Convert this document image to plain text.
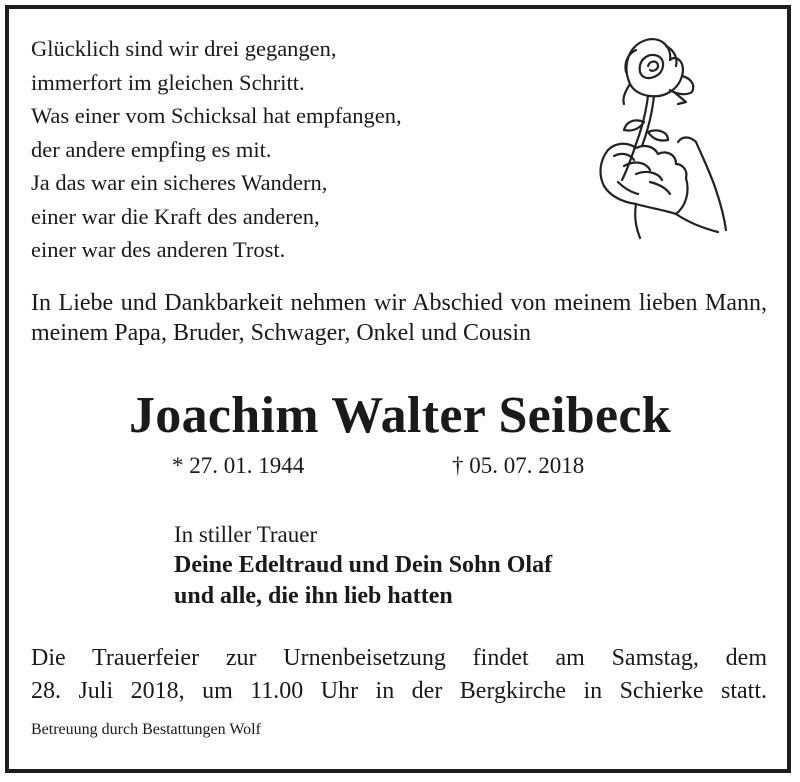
Glücklich sind wir drei gegangen,
immerfort im gleichen Schritt.
Was einer vom Schicksal hat empfangen,
der andere empfing es mit.
Ja das war ein sicheres Wandern,
einer war die Kraft des anderen,
einer war des anderen Trost.
In Liebe und Dankbarkeit nehmen wir Abschied von meinem lieben Mann, meinem Papa, Bruder, Schwager, Onkel und Cousin
Joachim Walter Seibeck
* 27. 01. 1944	† 05. 07. 2018
In stiller Trauer
Deine Edeltraud und Dein Sohn Olaf
und alle, die ihn lieb hatten
Die Trauerfeier zur Urnenbeisetzung findet am Samstag, dem
28. Juli 2018, um 11.00 Uhr in der Bergkirche in Schierke statt.
Betreuung durch Bestattungen Wolf
